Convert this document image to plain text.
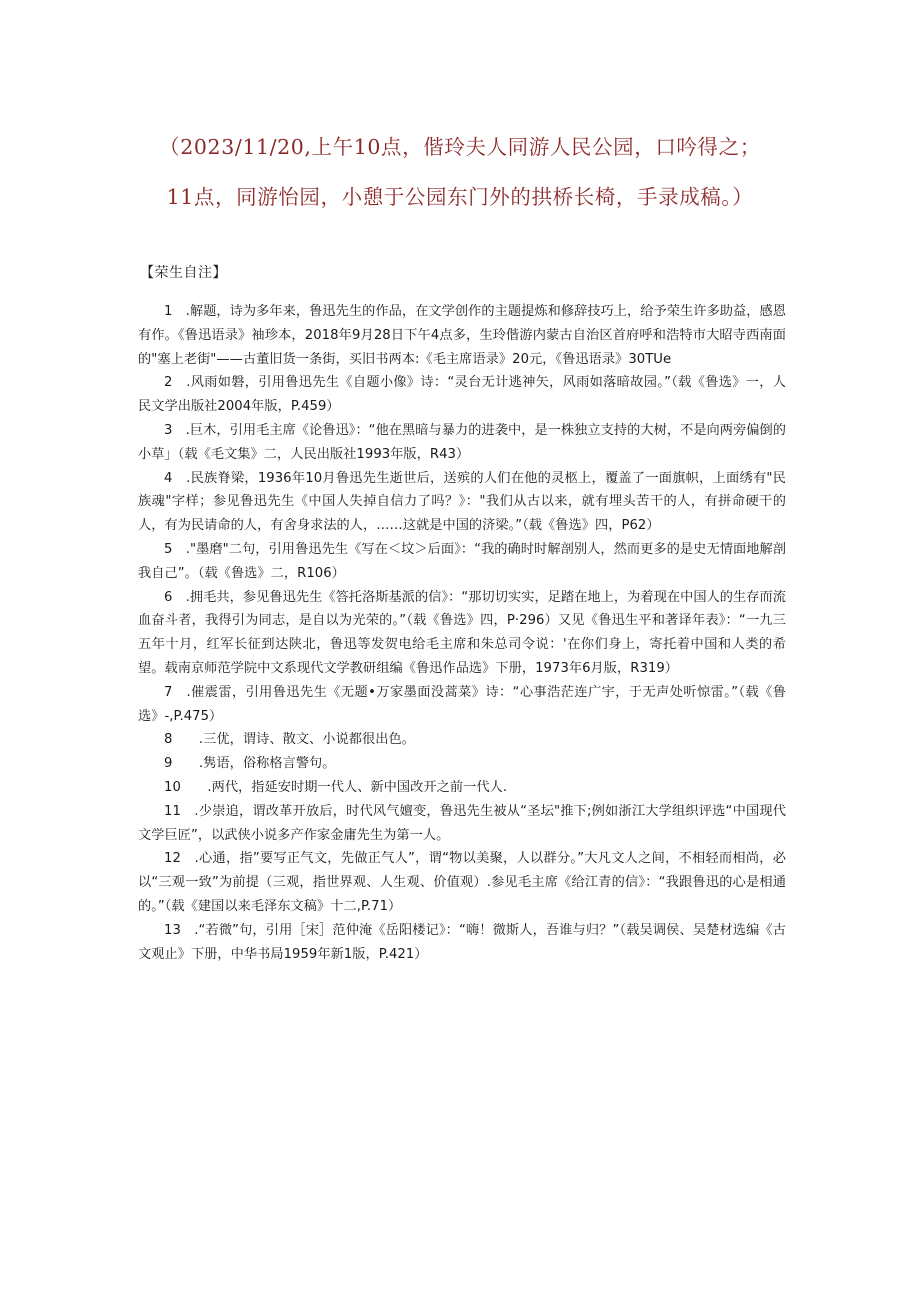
（2023/11/20,上午10点，偕玲夫人同游人民公园，口吟得之；
11点，同游怡园，小憩于公园东门外的拱桥长椅，手录成稿。）
【荣生自注】

1　.解题，诗为多年来，鲁迅先生的作品，在文学创作的主题提炼和修辞技巧上，给予荣生许多助益，感恩有作。《鲁迅语录》袖珍本，2018年9月28日下午4点多，生玲偕游内蒙古自治区首府呼和浩特市大昭寺西南面的"塞上老街"——古董旧货一条街，买旧书两本:《毛主席语录》20元，《鲁迅语录》30TUe

2　.风雨如磐，引用鲁迅先生《自题小像》诗：“灵台无计逃神矢，风雨如落暗故园。”（载《鲁选》一，人民文学出版社2004年版，P.459）

3　.巨木，引用毛主席《论鲁迅》：“他在黑暗与暴力的进袭中，是一株独立支持的大树，不是向两旁偏倒的小草」（载《毛文集》二，人民出版社1993年版，R43）

4　.民族脊梁，1936年10月鲁迅先生逝世后，送殡的人们在他的灵柩上，覆盖了一面旗帜，上面绣有"民族魂"字样；参见鲁迅先生《中国人失掉自信力了吗？》："我们从古以来，就有埋头苦干的人，有拼命硬干的人，有为民请命的人，有舍身求法的人，……这就是中国的济梁。”（载《鲁选》四，P62）

5　."墨磨"二句，引用鲁迅先生《写在＜坟＞后面》：“我的确时时解剖别人，然而更多的是史无情面地解剖我自己”。（载《鲁选》二，R106）

6　.拥毛共，参见鲁迅先生《答托洛斯基派的信》：“那切切实实，足踏在地上，为着现在中国人的生存而流血奋斗者，我得引为同志，是自以为光荣的。”（载《鲁选》四，P·296）又见《鲁迅生平和著译年表》：“一九三五年十月，红军长征到达陕北，鲁迅等发贺电给毛主席和朱总司令说：'在你们身上，寄托着中国和人类的希望。载南京师范学院中文系现代文学教研组编《鲁迅作品选》下册，1973年6月版，R319）

7　.催震雷，引用鲁迅先生《无题•万家墨面没蒿菜》诗：“心事浩茫连广宇，于无声处听惊雷。”（载《鲁选》-,P.475）

8　　.三优，谓诗、散文、小说都很出色。

9　　.隽语，俗称格言警句。

10　　.两代，指延安时期一代人、新中国改开之前一代人.

11　.少崇追，谓改革开放后，时代风气嬗变，鲁迅先生被从“圣坛"推下;例如浙江大学组织评选“中国现代文学巨匠”，以武侠小说多产作家金庸先生为第一人。

12　.心通，指”要写正气文，先做正气人”，谓“物以美聚，人以群分。”大凡文人之间，不相轻而相尚，必以“三观一致”为前提（三观，指世界观、人生观、价值观）.参见毛主席《给江青的信》：“我跟鲁迅的心是相通的。”（载《建国以来毛泽东文稿》十二,P.71）

13　.“若微”句，引用［宋］范仲淹《岳阳楼记》：“嗨！微斯人，吾谁与归？”（载吴调侯、吴楚材选编《古文观止》下册，中华书局1959年新1版，P.421）
